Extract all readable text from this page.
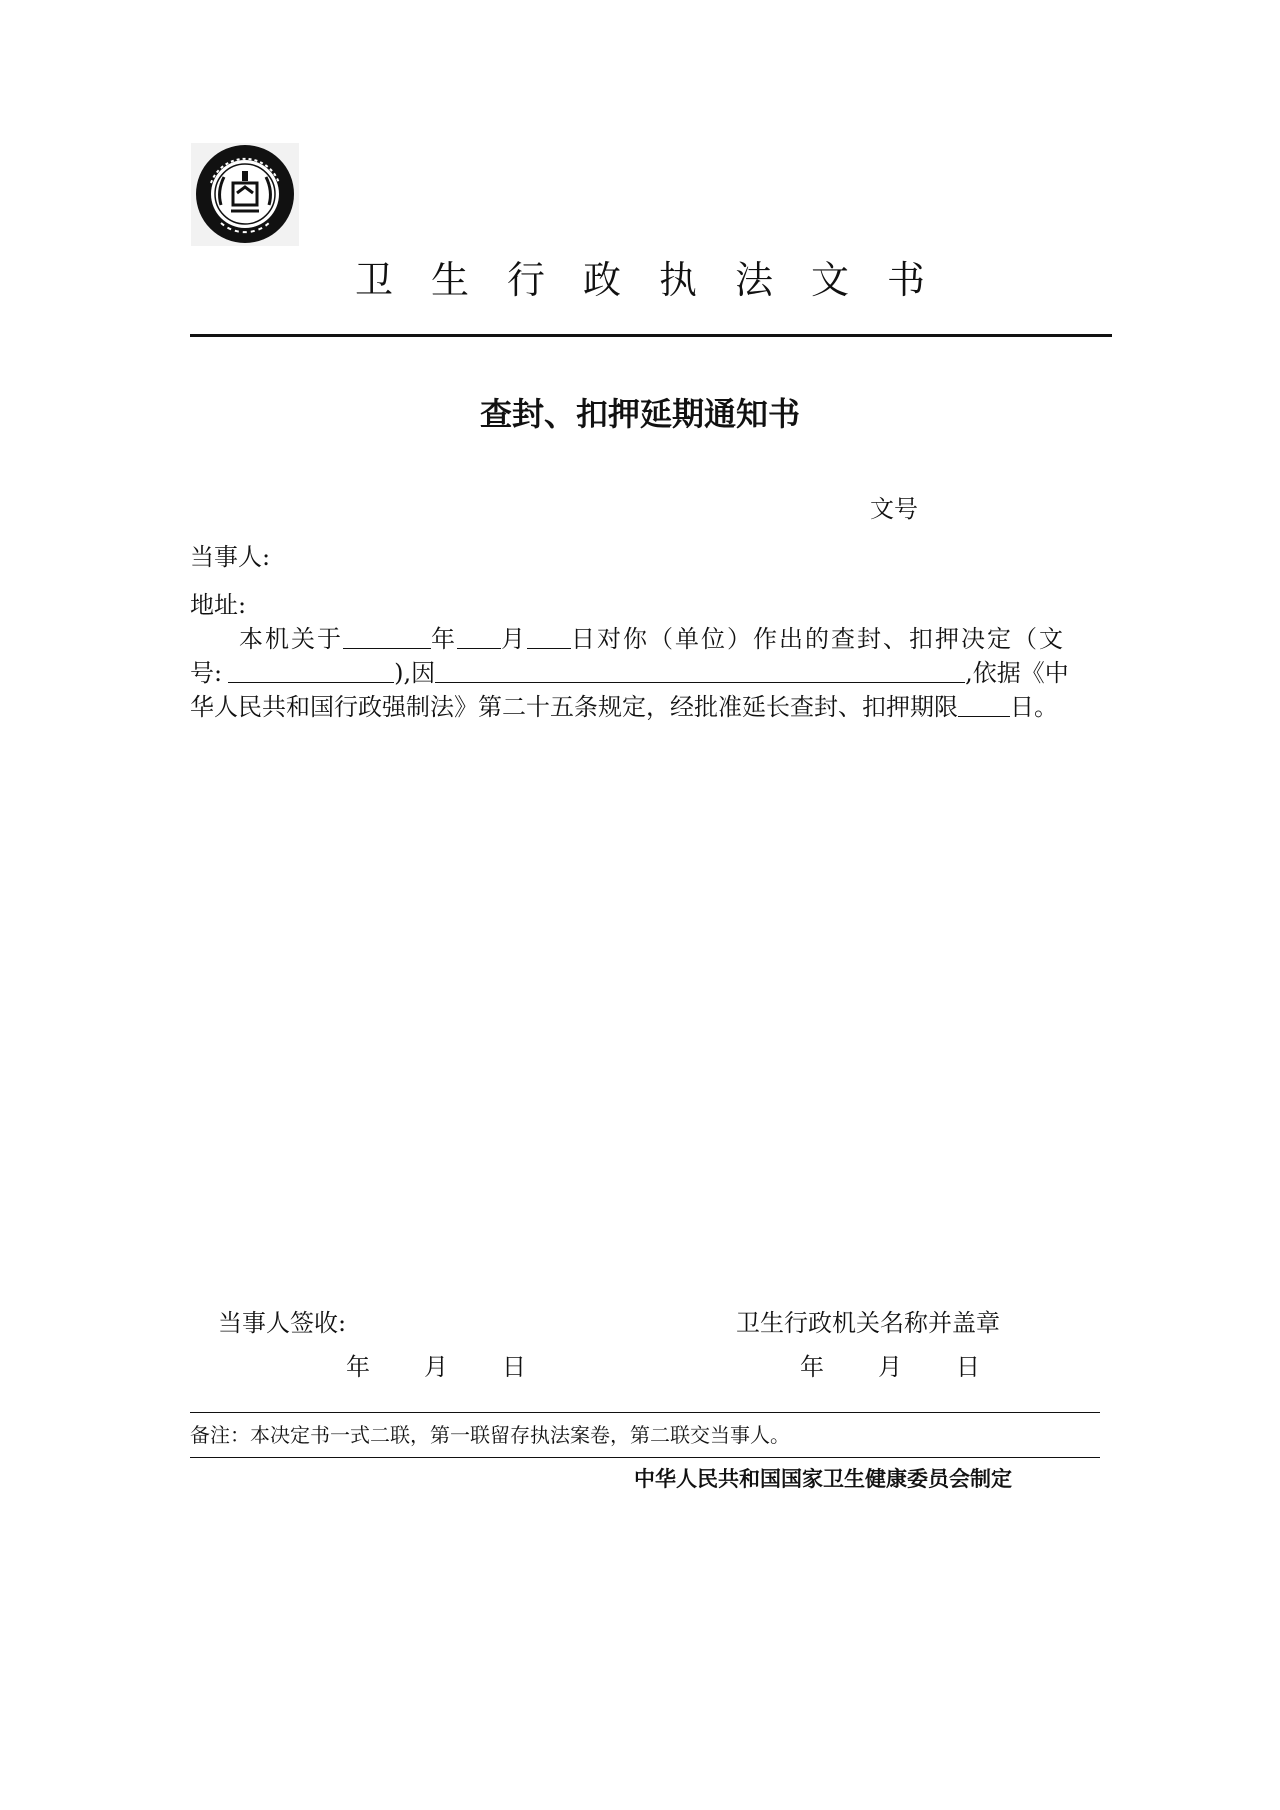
卫生行政执法文书
查封、扣押延期通知书
文号
当事人:
地址:
本机关于	年 月 日对你（单位）作出的查封、扣押决定（文
号:	),因	,依据《中
华人民共和国行政强制法》第二十五条规定，经批准延长查封、扣押期限 日。
当事人签收:	卫生行政机关名称并盖章
年 月 日	年 月 日
备注：本决定书一式二联，第一联留存执法案卷，第二联交当事人。
中华人民共和国国家卫生健康委员会制定
